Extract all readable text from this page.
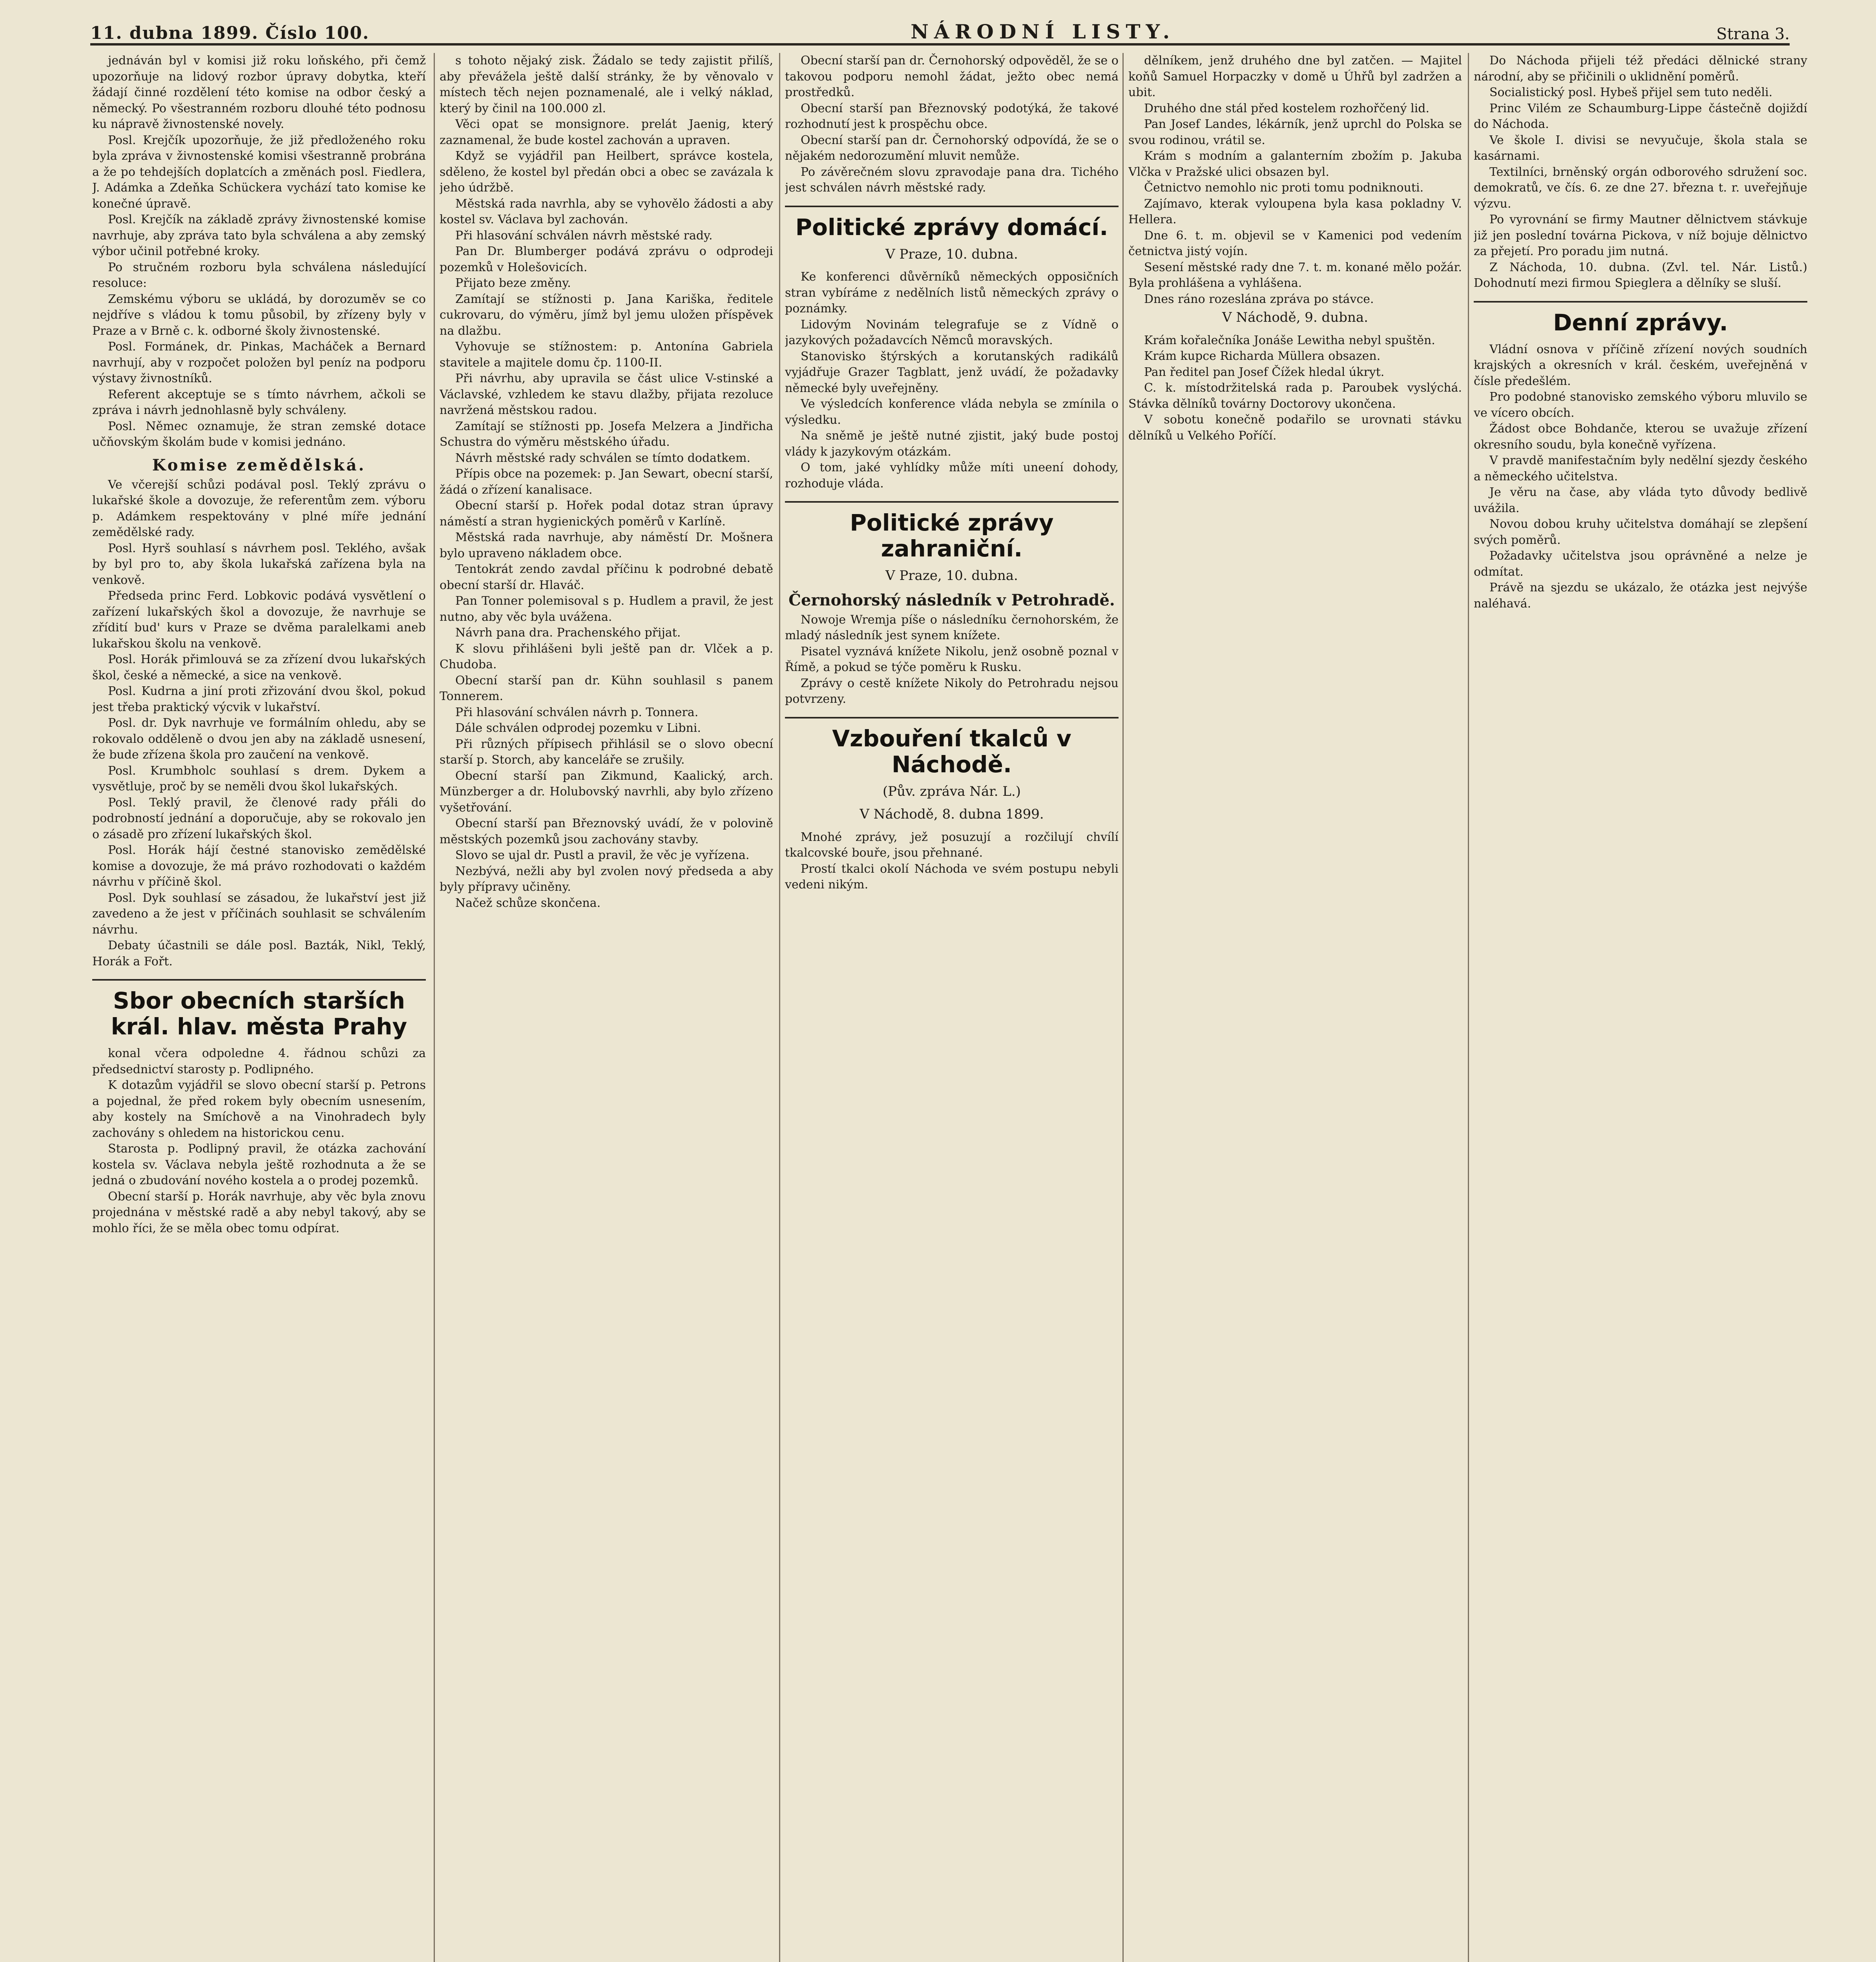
11. dubna 1899. Číslo 100.	NÁRODNÍ LISTY.	Strana 3.

jednáván byl v komisi již roku loňského, při čemž upozorňuje na lidový rozbor úpravy dobytka, kteří žádají činné rozdělení této komise na odbor český a německý. Po všestranném rozboru dlouhé této podnosu ku nápravě živnostenské novely.

Posl. Krejčík upozorňuje, že již předloženého roku byla zpráva v živnostenské komisi všestranně probrána a že po tehdejších doplatcích a změnách posl. Fiedlera, J. Adámka a Zdeňka Schückera vychází tato komise ke konečné úpravě.

Posl. Krejčík na základě zprávy živnostenské komise navrhuje, aby zpráva tato byla schválena a aby zemský výbor učinil potřebné kroky.

Po stručném rozboru byla schválena následující resoluce:

Zemskému výboru se ukládá, by dorozuměv se co nejdříve s vládou k tomu působil, by zřízeny byly v Praze a v Brně c. k. odborné školy živnostenské.

Posl. Formánek, dr. Pinkas, Macháček a Bernard navrhují, aby v rozpočet položen byl peníz na podporu výstavy živnostníků.

Referent akceptuje se s tímto návrhem, ačkoli se zpráva i návrh jednohlasně byly schváleny.

Posl. Němec oznamuje, že stran zemské dotace učňovským školám bude v komisi jednáno.

Komise zemědělská.

Ve včerejší schůzi podával posl. Teklý zprávu o lukařské škole a dovozuje, že referentům zem. výboru p. Adámkem respektovány v plné míře jednání zemědělské rady.

Posl. Hyrš souhlasí s návrhem posl. Teklého, avšak by byl pro to, aby škola lukařská zařízena byla na venkově.

Předseda princ Ferd. Lobkovic podává vysvětlení o zařízení lukařských škol a dovozuje, že navrhuje se zřídití bud' kurs v Praze se dvěma paralelkami aneb lukařskou školu na venkově.

Posl. Horák přimlouvá se za zřízení dvou lukařských škol, české a německé, a sice na venkově.

Posl. Kudrna a jiní proti zřizování dvou škol, pokud jest třeba praktický výcvik v lukařství.

Posl. dr. Dyk navrhuje ve formálním ohledu, aby se rokovalo odděleně o dvou jen aby na základě usnesení, že bude zřízena škola pro zaučení na venkově.

Posl. Krumbholc souhlasí s drem. Dykem a vysvětluje, proč by se neměli dvou škol lukařských.

Posl. Teklý pravil, že členové rady přáli do podrobností jednání a doporučuje, aby se rokovalo jen o zásadě pro zřízení lukařských škol.

Posl. Horák hájí čestné stanovisko zemědělské komise a dovozuje, že má právo rozhodovati o každém návrhu v příčině škol.

Posl. Dyk souhlasí se zásadou, že lukařství jest již zavedeno a že jest v příčinách souhlasit se schválením návrhu.

Debaty účastnili se dále posl. Bazták, Nikl, Teklý, Horák a Fořt.

Sbor obecních starších král. hlav. města Prahy

konal včera odpoledne 4. řádnou schůzi za předsednictví starosty p. Podlipného.

K dotazům vyjádřil se slovo obecní starší p. Petrons a pojednal, že před rokem byly obecním usnesením, aby kostely na Smíchově a na Vinohradech byly zachovány s ohledem na historickou cenu.

Starosta p. Podlipný pravil, že otázka zachování kostela sv. Václava nebyla ještě rozhodnuta a že se jedná o zbudování nového kostela a o prodej pozemků.

Obecní starší p. Horák navrhuje, aby věc byla znovu projednána v městské radě a aby nebyl takový, aby se mohlo říci, že se měla obec tomu odpírat.

s tohoto nějaký zisk. Žádalo se tedy zajistit přilíš, aby převážela ještě další stránky, že by věnovalo v místech těch nejen poznamenalé, ale i velký náklad, který by činil na 100.000 zl.

Věci opat se monsignore. prelát Jaenig, který zaznamenal, že bude kostel zachován a upraven.

Když se vyjádřil pan Heilbert, správce kostela, sděleno, že kostel byl předán obci a obec se zavázala k jeho údržbě.

Městská rada navrhla, aby se vyhovělo žádosti a aby kostel sv. Václava byl zachován.

Při hlasování schválen návrh městské rady.

Pan Dr. Blumberger podává zprávu o odprodeji pozemků v Holešovicích.

Přijato beze změny.

Zamítají se stížnosti p. Jana Kariška, ředitele cukrovaru, do výměru, jímž byl jemu uložen příspěvek na dlažbu.

Vyhovuje se stížnostem: p. Antonína Gabriela stavitele a majitele domu čp. 1100-II.

Při návrhu, aby upravila se část ulice V-stinské a Václavské, vzhledem ke stavu dlažby, přijata rezoluce navržená městskou radou.

Zamítají se stížnosti pp. Josefa Melzera a Jindřicha Schustra do výměru městského úřadu.

Návrh městské rady schválen se tímto dodatkem.

Přípis obce na pozemek: p. Jan Sewart, obecní starší, žádá o zřízení kanalisace.

Obecní starší p. Hořek podal dotaz stran úpravy náměstí a stran hygienických poměrů v Karlíně.

Městská rada navrhuje, aby náměstí Dr. Mošnera bylo upraveno nákladem obce.

Tentokrát zendo zavdal příčinu k podrobné debatě obecní starší dr. Hlaváč.

Pan Tonner polemisoval s p. Hudlem a pravil, že jest nutno, aby věc byla uvážena.

Návrh pana dra. Prachenského přijat.

K slovu přihlášeni byli ještě pan dr. Vlček a p. Chudoba.

Obecní starší pan dr. Kühn souhlasil s panem Tonnerem.

Při hlasování schválen návrh p. Tonnera.

Dále schválen odprodej pozemku v Libni.

Při různých přípisech přihlásil se o slovo obecní starší p. Storch, aby kanceláře se zrušily.

Obecní starší pan Zikmund, Kaalický, arch. Münzberger a dr. Holubovský navrhli, aby bylo zřízeno vyšetřování.

Obecní starší pan Březnovský uvádí, že v polovině městských pozemků jsou zachovány stavby.

Slovo se ujal dr. Pustl a pravil, že věc je vyřízena.

Nezbývá, nežli aby byl zvolen nový předseda a aby byly přípravy učiněny.

Načež schůze skončena.

Obecní starší pan dr. Černohorský odpověděl, že se o takovou podporu nemohl žádat, ježto obec nemá prostředků.

Obecní starší pan Březnovský podotýká, že takové rozhodnutí jest k prospěchu obce.

Obecní starší pan dr. Černohorský odpovídá, že se o nějakém nedorozumění mluvit nemůže.

Po závěrečném slovu zpravodaje pana dra. Tichého jest schválen návrh městské rady.

Politické zprávy domácí.
V Praze, 10. dubna.

Ke konferenci důvěrníků německých opposičních stran vybíráme z nedělních listů německých zprávy o poznámky.

Lidovým Novinám telegrafuje se z Vídně o jazykových požadavcích Němců moravských.

Stanovisko štýrských a korutanských radikálů vyjádřuje Grazer Tagblatt, jenž uvádí, že požadavky německé byly uveřejněny.

Ve výsledcích konference vláda nebyla se zmínila o výsledku.

Na sněmě je ještě nutné zjistit, jaký bude postoj vlády k jazykovým otázkám.

O tom, jaké vyhlídky může míti uneení dohody, rozhoduje vláda.

Politické zprávy zahraniční.
V Praze, 10. dubna.
Černohorský následník v Petrohradě.

Nowoje Wremja píše o následníku černohorském, že mladý následník jest synem knížete.

Pisatel vyznává knížete Nikolu, jenž osobně poznal v Římě, a pokud se týče poměru k Rusku.

Zprávy o cestě knížete Nikoly do Petrohradu nejsou potvrzeny.

Vzbouření tkalců v Náchodě.
(Pův. zpráva Nár. L.)
V Náchodě, 8. dubna 1899.

Mnohé zprávy, jež posuzují a rozčilují chvílí tkalcovské bouře, jsou přehnané.

Prostí tkalci okolí Náchoda ve svém postupu nebyli vedeni nikým.

dělníkem, jenž druhého dne byl zatčen. — Majitel koňů Samuel Horpaczky v domě u Úhřů byl zadržen a ubit.

Druhého dne stál před kostelem rozhořčený lid.

Pan Josef Landes, lékárník, jenž uprchl do Polska se svou rodinou, vrátil se.

Krám s modním a galanterním zbožím p. Jakuba Vlčka v Pražské ulici obsazen byl.

Četnictvo nemohlo nic proti tomu podniknouti.

Zajímavo, kterak vyloupena byla kasa pokladny V. Hellera.

Dne 6. t. m. objevil se v Kamenici pod vedením četnictva jistý vojín.

Sesení městské rady dne 7. t. m. konané mělo požár. Byla prohlášena a vyhlášena.

Dnes ráno rozeslána zpráva po stávce.

V Náchodě, 9. dubna.

Krám kořalečníka Jonáše Lewitha nebyl spuštěn.

Krám kupce Richarda Müllera obsazen.

Pan ředitel pan Josef Čížek hledal úkryt.

C. k. místodržitelská rada p. Paroubek vyslýchá. Stávka dělníků továrny Doctorovy ukončena.

V sobotu konečně podařilo se urovnati stávku dělníků u Velkého Poříčí.

Do Náchoda přijeli též předáci dělnické strany národní, aby se přičinili o uklidnění poměrů.

Socialistický posl. Hybeš přijel sem tuto neděli.

Princ Vilém ze Schaumburg-Lippe částečně dojiždí do Náchoda.

Ve škole I. divisi se nevyučuje, škola stala se kasárnami.

Textilníci, brněnský orgán odborového sdružení soc. demokratů, ve čís. 6. ze dne 27. března t. r. uveřejňuje výzvu.

Po vyrovnání se firmy Mautner dělnictvem stávkuje již jen poslední továrna Pickova, v níž bojuje dělnictvo za přejetí. Pro poradu jim nutná.

Z Náchoda, 10. dubna. (Zvl. tel. Nár. Listů.) Dohodnutí mezi firmou Spieglera a dělníky se sluší.

Denní zprávy.

Vládní osnova v příčině zřízení nových soudních krajských a okresních v král. českém, uveřejněná v čísle předešlém.

Pro podobné stanovisko zemského výboru mluvilo se ve vícero obcích.

Žádost obce Bohdanče, kterou se uvažuje zřízení okresního soudu, byla konečně vyřízena.

V pravdě manifestačním byly nedělní sjezdy českého a německého učitelstva.

Je věru na čase, aby vláda tyto důvody bedlivě uvážila.

Novou dobou kruhy učitelstva domáhají se zlepšení svých poměrů.

Požadavky učitelstva jsou oprávněné a nelze je odmítat.

Právě na sjezdu se ukázalo, že otázka jest nejvýše naléhavá.
